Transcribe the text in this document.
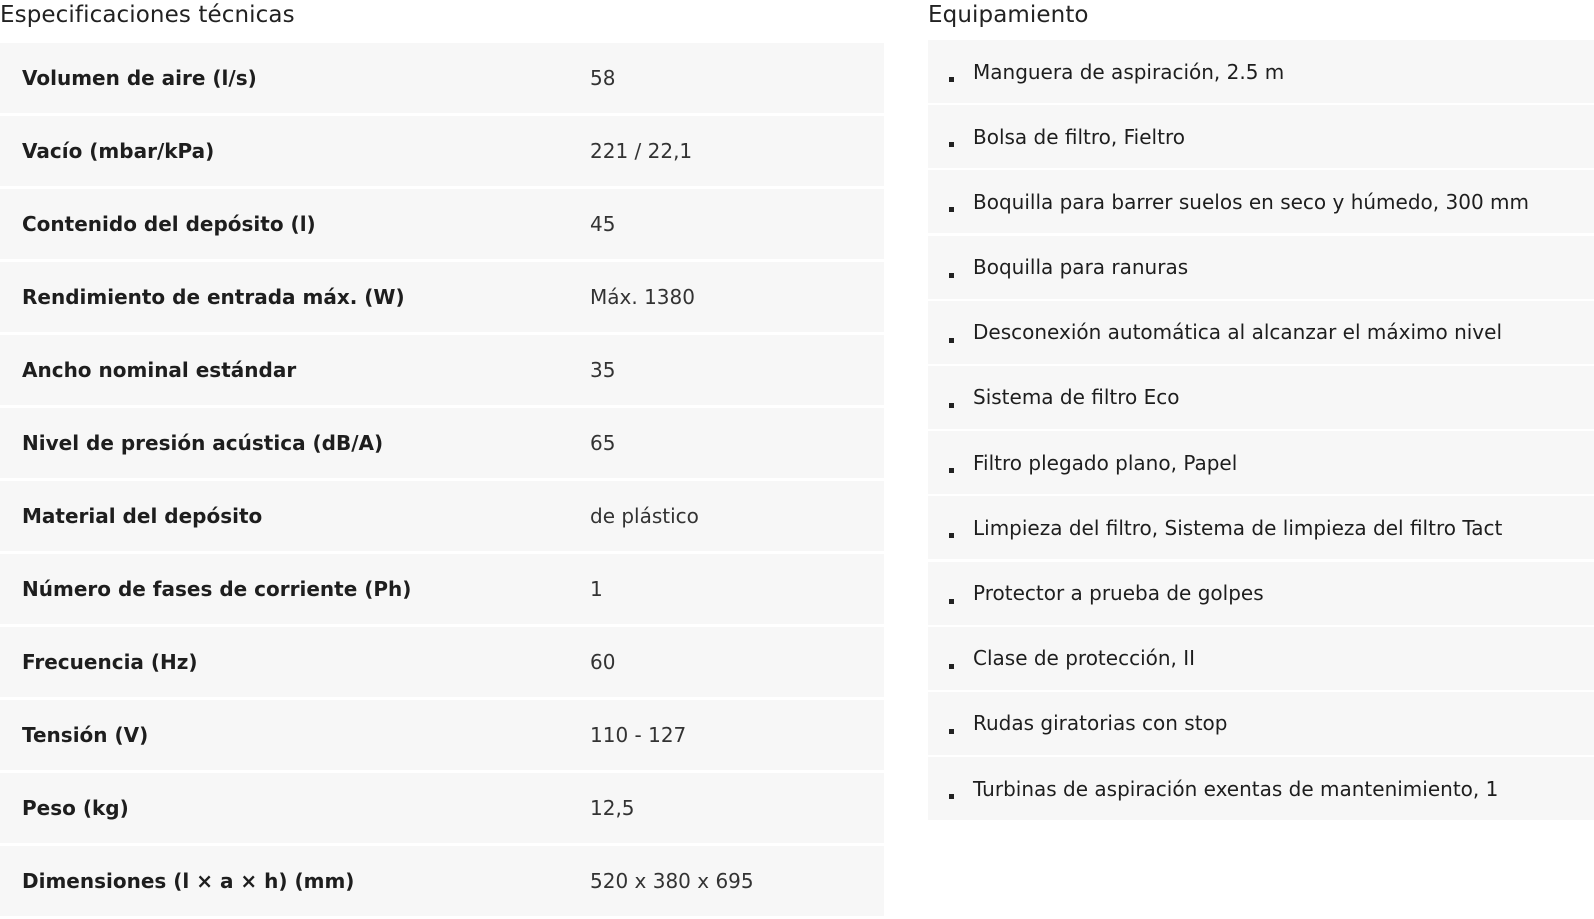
Especificaciones técnicas
Volumen de aire (l/s)	58
Vacío (mbar/kPa)	221 / 22,1
Contenido del depósito (l)	45
Rendimiento de entrada máx. (W)	Máx. 1380
Ancho nominal estándar	35
Nivel de presión acústica (dB/A)	65
Material del depósito	de plástico
Número de fases de corriente (Ph)	1
Frecuencia (Hz)	60
Tensión (V)	110 - 127
Peso (kg)	12,5
Dimensiones (l × a × h) (mm)	520 x 380 x 695
Equipamiento
Manguera de aspiración, 2.5 m
Bolsa de filtro, Fieltro
Boquilla para barrer suelos en seco y húmedo, 300 mm
Boquilla para ranuras
Desconexión automática al alcanzar el máximo nivel
Sistema de filtro Eco
Filtro plegado plano, Papel
Limpieza del filtro, Sistema de limpieza del filtro Tact
Protector a prueba de golpes
Clase de protección, II
Rudas giratorias con stop
Turbinas de aspiración exentas de mantenimiento, 1
